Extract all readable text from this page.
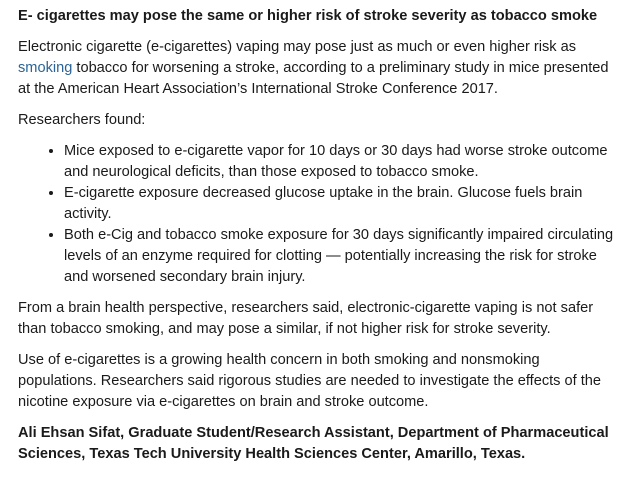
E- cigarettes may pose the same or higher risk of stroke severity as tobacco smoke

Electronic cigarette (e-cigarettes) vaping may pose just as much or even higher risk as smoking tobacco for worsening a stroke, according to a preliminary study in mice presented at the American Heart Association’s International Stroke Conference 2017.

Researchers found:

• Mice exposed to e-cigarette vapor for 10 days or 30 days had worse stroke outcome and neurological deficits, than those exposed to tobacco smoke.
• E-cigarette exposure decreased glucose uptake in the brain. Glucose fuels brain activity.
• Both e-Cig and tobacco smoke exposure for 30 days significantly impaired circulating levels of an enzyme required for clotting — potentially increasing the risk for stroke and worsened secondary brain injury.

From a brain health perspective, researchers said, electronic-cigarette vaping is not safer than tobacco smoking, and may pose a similar, if not higher risk for stroke severity.

Use of e-cigarettes is a growing health concern in both smoking and nonsmoking populations. Researchers said rigorous studies are needed to investigate the effects of the nicotine exposure via e-cigarettes on brain and stroke outcome.

Ali Ehsan Sifat, Graduate Student/Research Assistant, Department of Pharmaceutical Sciences, Texas Tech University Health Sciences Center, Amarillo, Texas.
